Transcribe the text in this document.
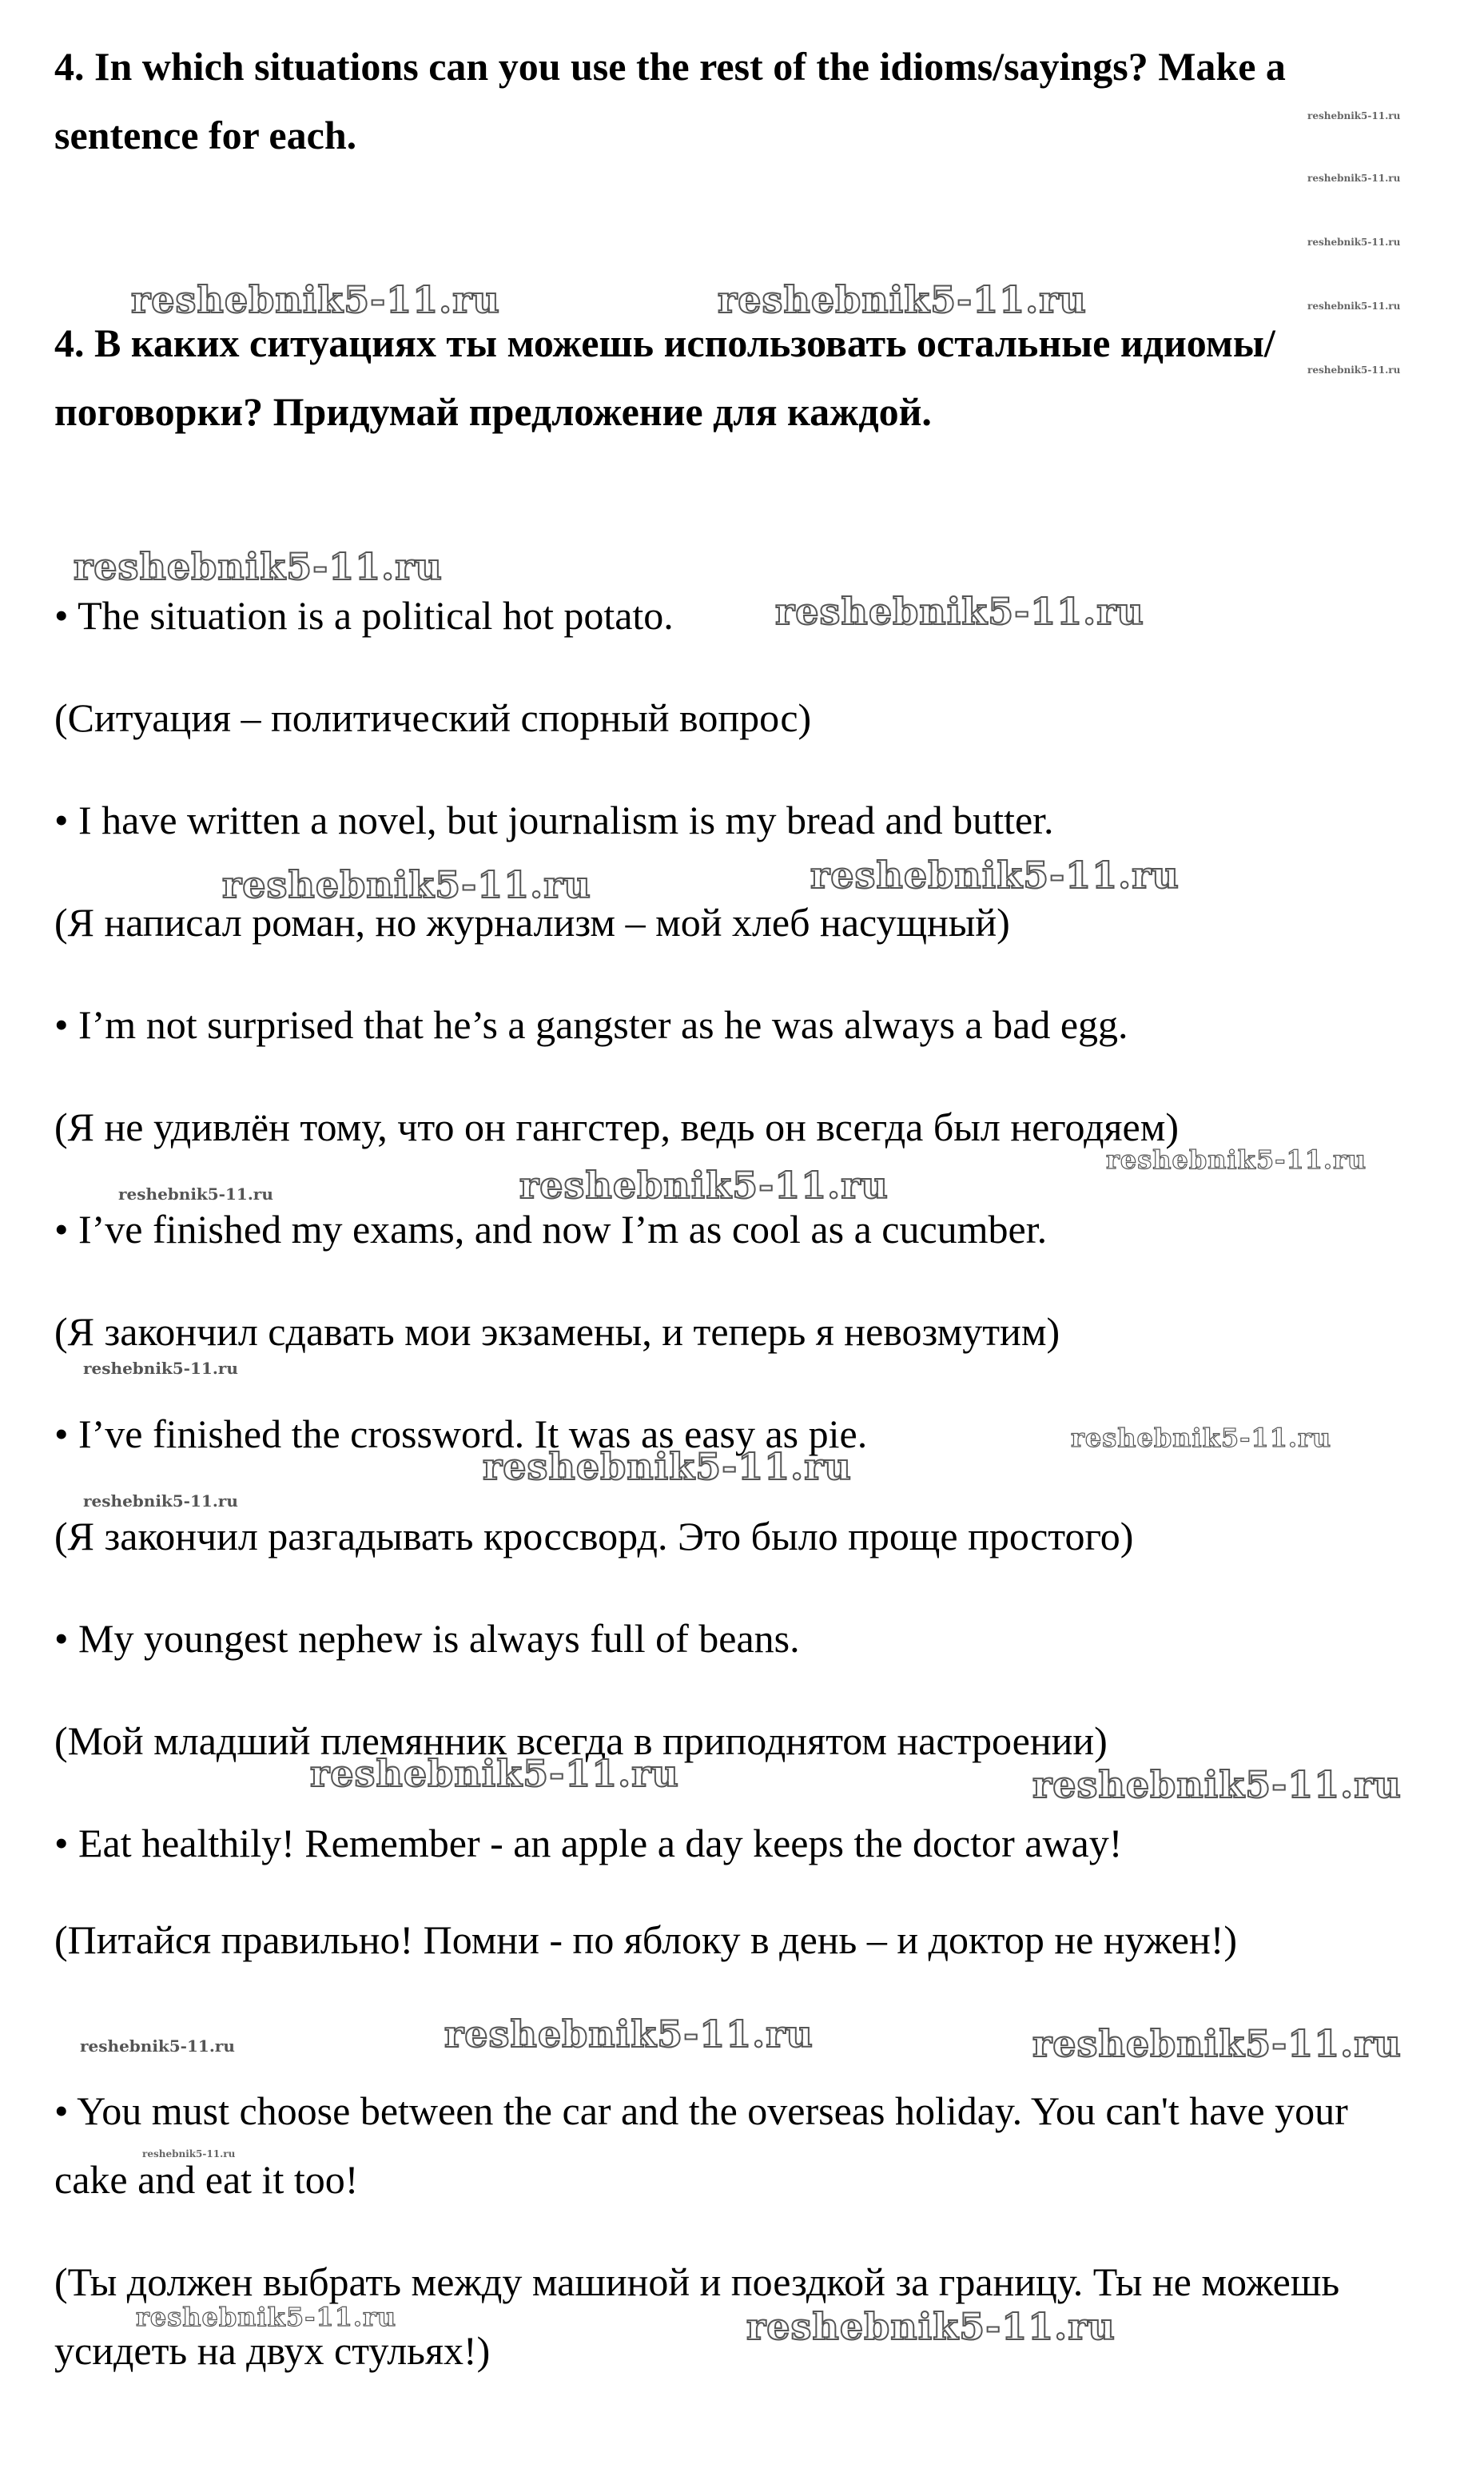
4. In which situations can you use the rest of the idioms/sayings? Make a sentence for each.
4. В каких ситуациях ты можешь использовать остальные идиомы/поговорки? Придумай предложение для каждой.
• The situation is a political hot potato.
(Ситуация – политический спорный вопрос)
• I have written a novel, but journalism is my bread and butter.
(Я написал роман, но журнализм – мой хлеб насущный)
• I’m not surprised that he’s a gangster as he was always a bad egg.
(Я не удивлён тому, что он гангстер, ведь он всегда был негодяем)
• I’ve finished my exams, and now I’m as cool as a cucumber.
(Я закончил сдавать мои экзамены, и теперь я невозмутим)
• I’ve finished the crossword. It was as easy as pie.
(Я закончил разгадывать кроссворд. Это было проще простого)
• My youngest nephew is always full of beans.
(Мой младший племянник всегда в приподнятом настроении)
• Eat healthily! Remember - an apple a day keeps the doctor away!
(Питайся правильно! Помни - по яблоку в день – и доктор не нужен!)
• You must choose between the car and the overseas holiday. You can't have your cake and eat it too!
(Ты должен выбрать между машиной и поездкой за границу. Ты не можешь усидеть на двух стульях!)
reshebnik5-11.ru	reshebnik5-11.ru
reshebnik5-11.ru
reshebnik5-11.ru
reshebnik5-11.ru	reshebnik5-11.ru
reshebnik5-11.ru
reshebnik5-11.ru
reshebnik5-11.ru
reshebnik5-11.ru
reshebnik5-11.ru
reshebnik5-11.ru
reshebnik5-11.ru
reshebnik5-11.ru	reshebnik5-11.ru
reshebnik5-11.ru	reshebnik5-11.ru
reshebnik5-11.ru
reshebnik5-11.ru
reshebnik5-11.ru	reshebnik5-11.ru
reshebnik5-11.ru
reshebnik5-11.ru
reshebnik5-11.ru
reshebnik5-11.ru
reshebnik5-11.ru
